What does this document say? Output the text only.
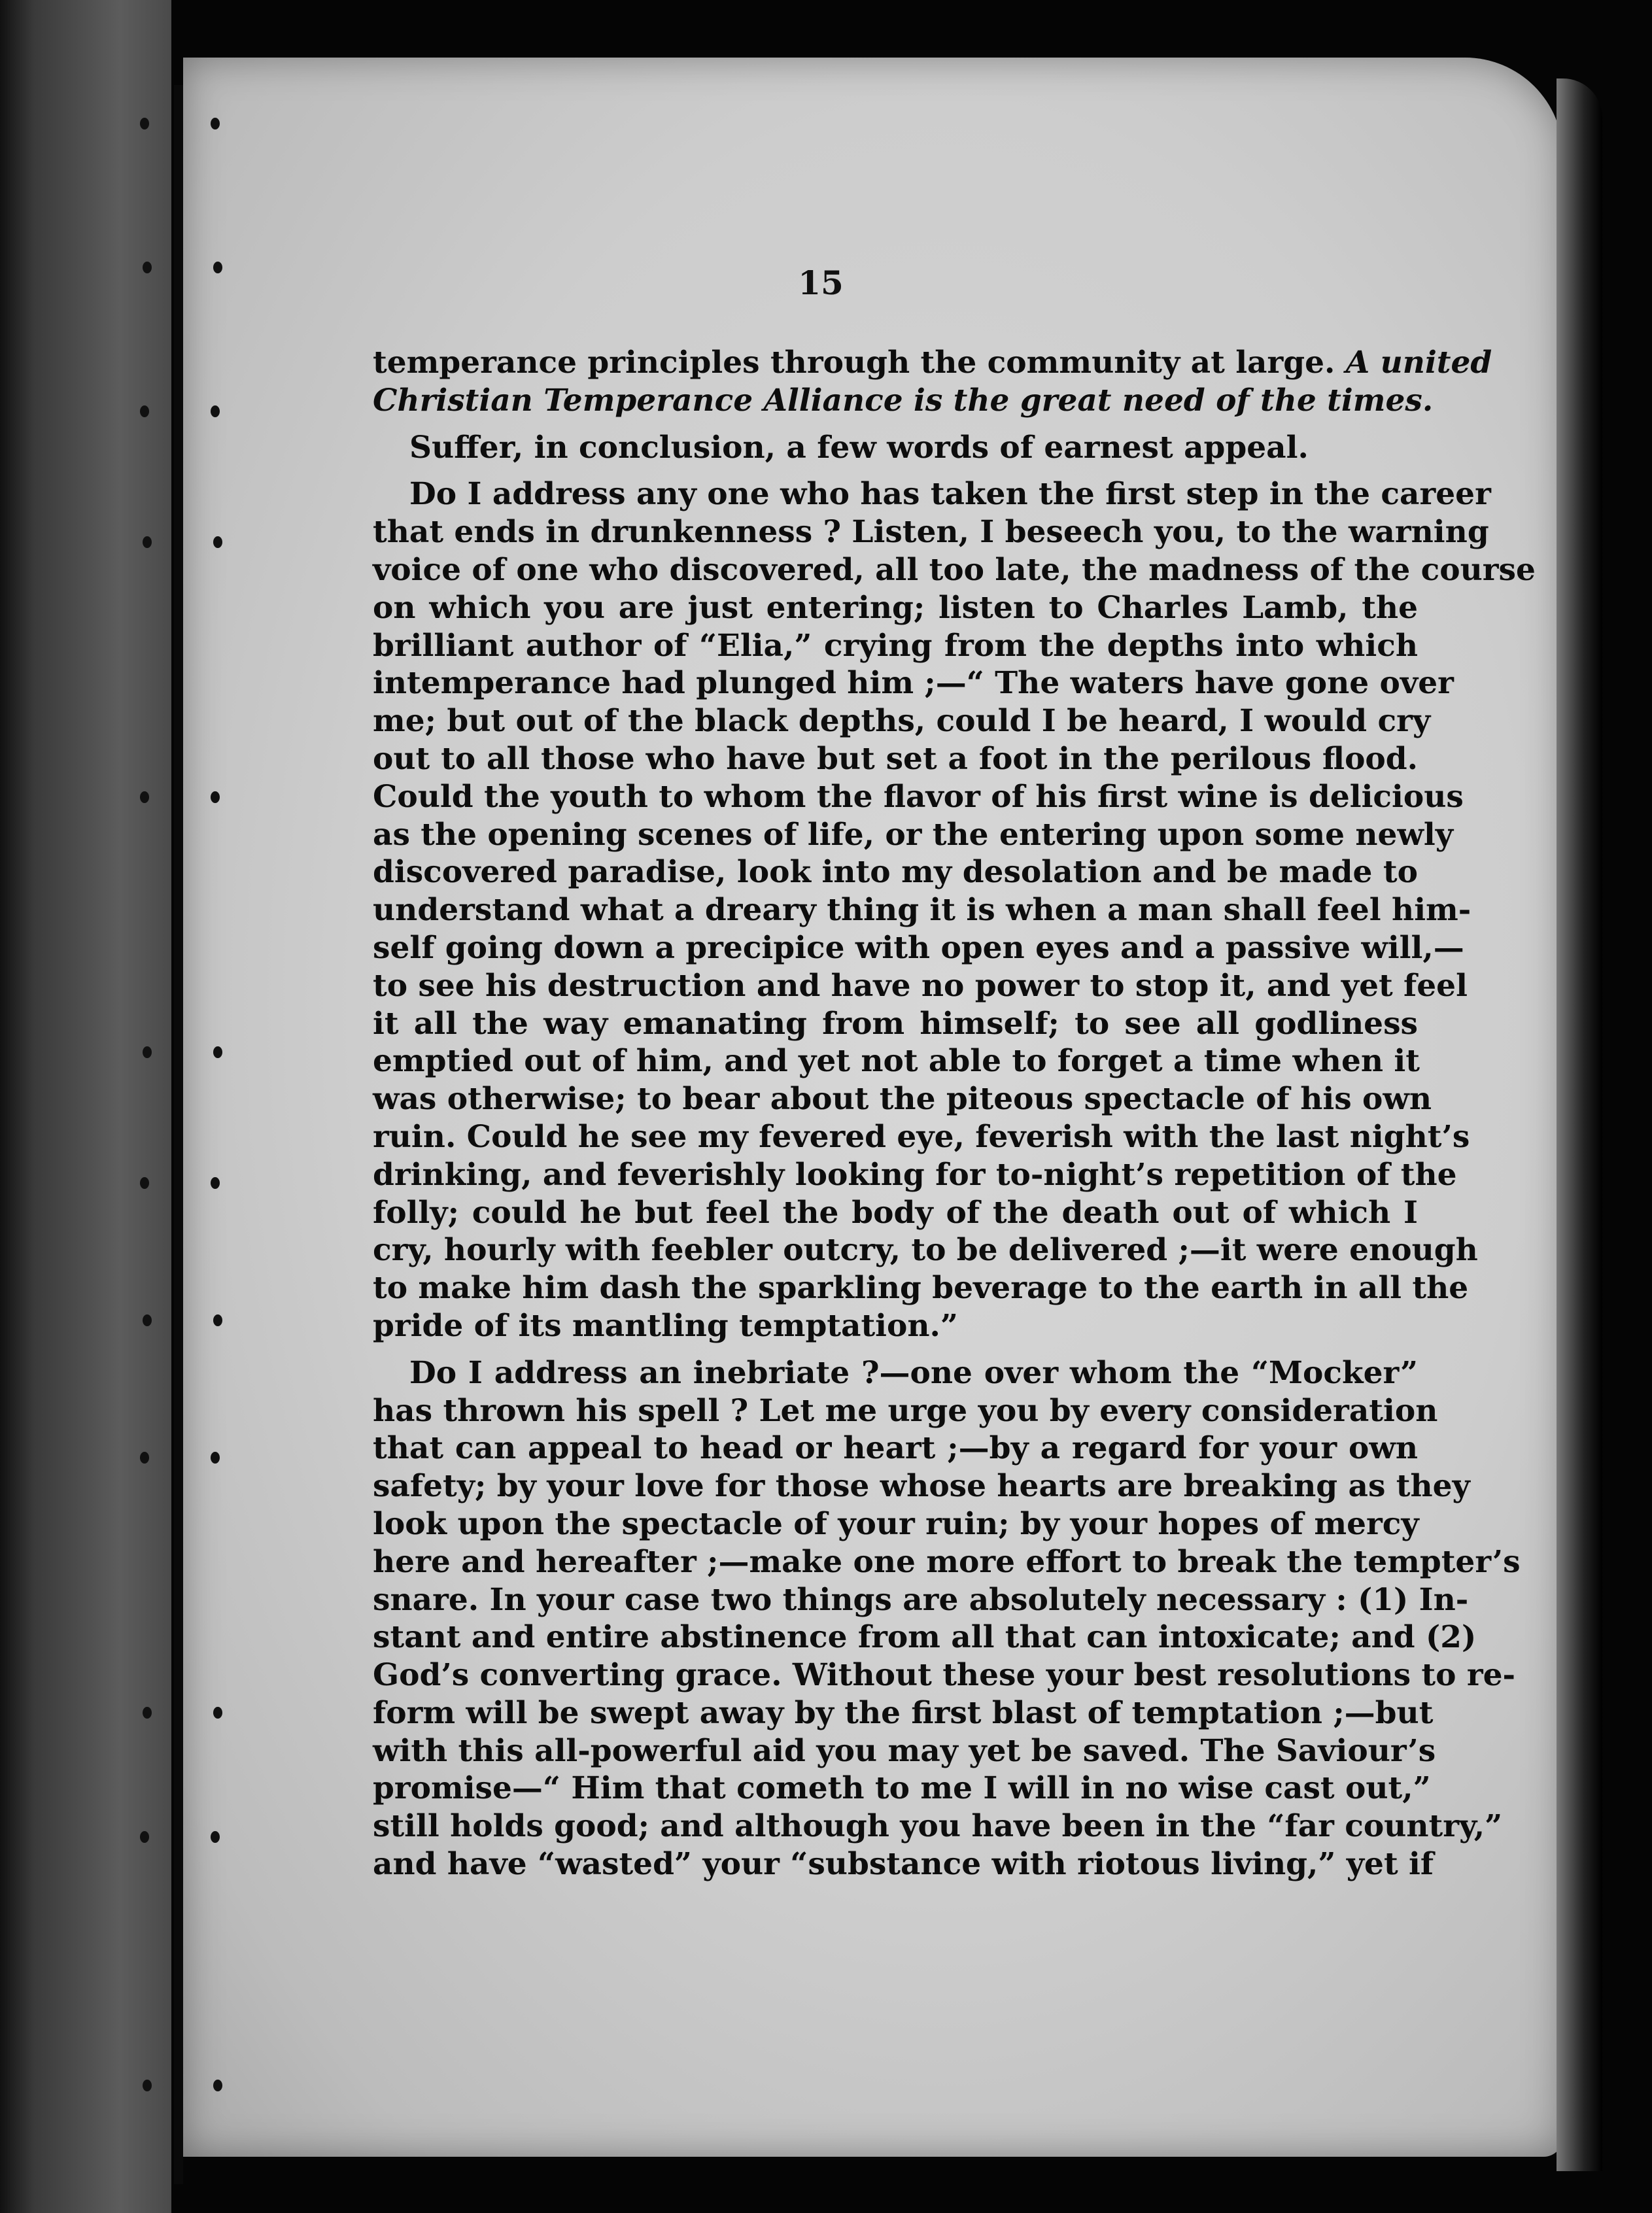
15
temperance principles through the community at large. A united
Christian Temperance Alliance is the great need of the times.
Suffer, in conclusion, a few words of earnest appeal.
Do I address any one who has taken the first step in the career
that ends in drunkenness ? Listen, I beseech you, to the warning
voice of one who discovered, all too late, the madness of the course
on which you are just entering; listen to Charles Lamb, the
brilliant author of “Elia,” crying from the depths into which
intemperance had plunged him ;—“ The waters have gone over
me; but out of the black depths, could I be heard, I would cry
out to all those who have but set a foot in the perilous flood.
Could the youth to whom the flavor of his first wine is delicious
as the opening scenes of life, or the entering upon some newly
discovered paradise, look into my desolation and be made to
understand what a dreary thing it is when a man shall feel him-
self going down a precipice with open eyes and a passive will,—
to see his destruction and have no power to stop it, and yet feel
it all the way emanating from himself; to see all godliness
emptied out of him, and yet not able to forget a time when it
was otherwise; to bear about the piteous spectacle of his own
ruin. Could he see my fevered eye, feverish with the last night’s
drinking, and feverishly looking for to-night’s repetition of the
folly; could he but feel the body of the death out of which I
cry, hourly with feebler outcry, to be delivered ;—it were enough
to make him dash the sparkling beverage to the earth in all the
pride of its mantling temptation.”
Do I address an inebriate ?—one over whom the “Mocker”
has thrown his spell ? Let me urge you by every consideration
that can appeal to head or heart ;—by a regard for your own
safety; by your love for those whose hearts are breaking as they
look upon the spectacle of your ruin; by your hopes of mercy
here and hereafter ;—make one more effort to break the tempter’s
snare. In your case two things are absolutely necessary : (1) In-
stant and entire abstinence from all that can intoxicate; and (2)
God’s converting grace. Without these your best resolutions to re-
form will be swept away by the first blast of temptation ;—but
with this all-powerful aid you may yet be saved. The Saviour’s
promise—“ Him that cometh to me I will in no wise cast out,”
still holds good; and although you have been in the “far country,”
and have “wasted” your “substance with riotous living,” yet if
